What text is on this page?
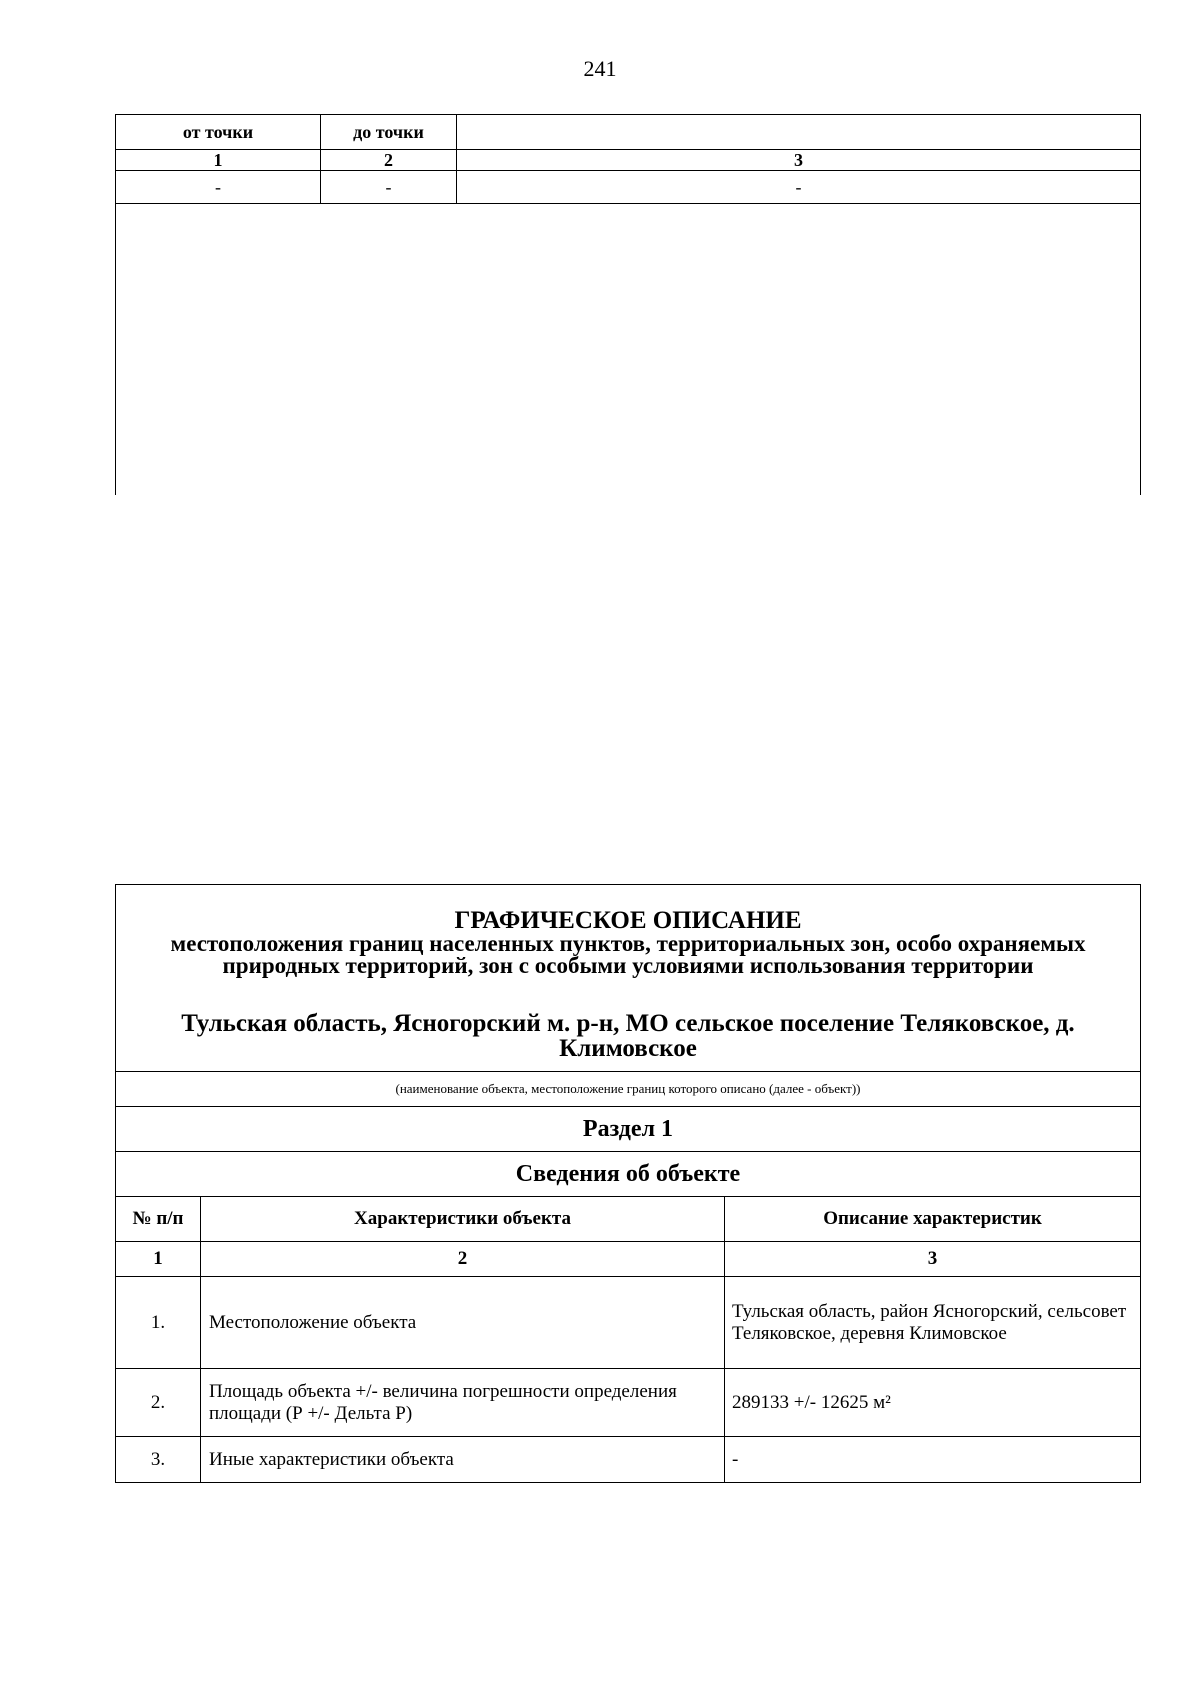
241
от точки	до точки	
1	2	3
-	-	-
ГРАФИЧЕСКОЕ ОПИСАНИЕ
местоположения границ населенных пунктов, территориальных зон, особо охраняемых природных территорий, зон с особыми условиями использования территории
Тульская область, Ясногорский м. р-н, МО сельское поселение Теляковское, д. Климовское		

(наименование объекта, местоположение границ которого описано (далее - объект))		
Раздел 1		
Сведения об объекте		
№ п/п	Характеристики объекта	Описание характеристик
1	2	3
1.	Местоположение объекта	Тульская область, район Ясногорский, сельсовет Теляковское, деревня Климовское
2.	Площадь объекта +/- величина погрешности определения площади (Р +/- Дельта Р)	289133 +/- 12625 м²
3.	Иные характеристики объекта	-
